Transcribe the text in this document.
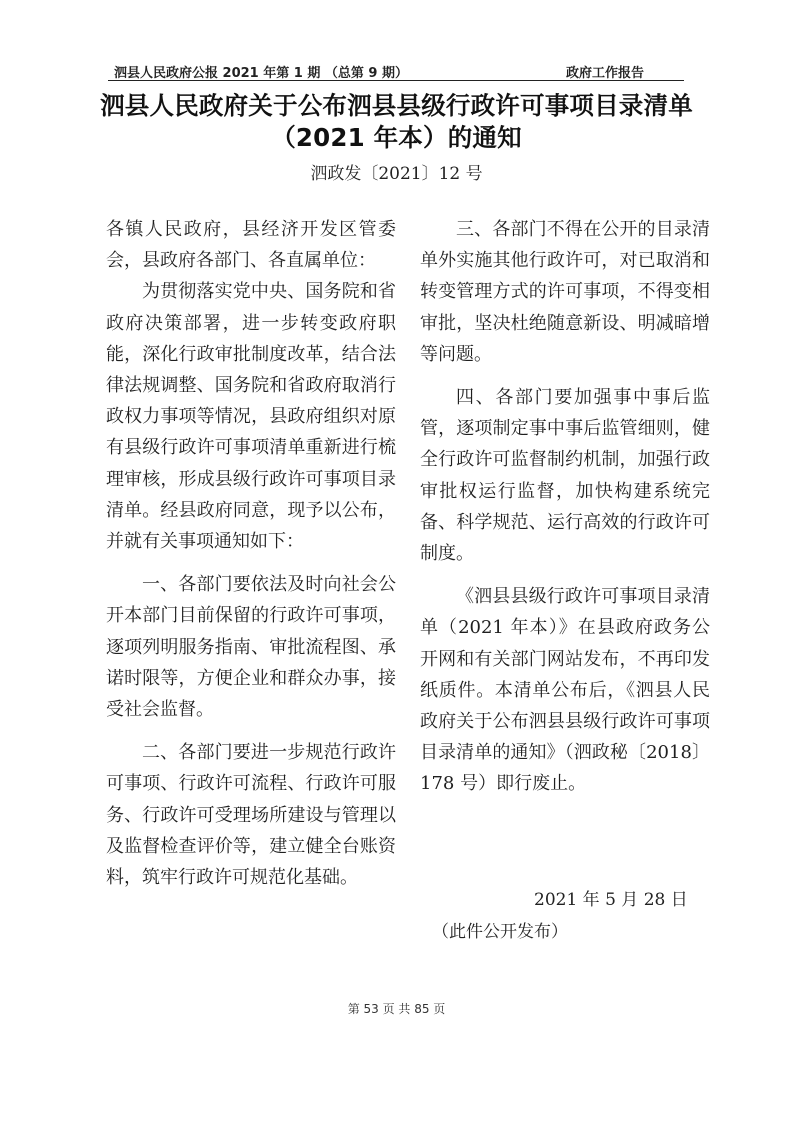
泗县人民政府公报 2021 年第 1 期 （总第 9 期）	政府工作报告
泗县人民政府关于公布泗县县级行政许可事项目录清单
（2021 年本）的通知
泗政发〔2021〕12 号

各镇人民政府，县经济开发区管委会，县政府各部门、各直属单位：

为贯彻落实党中央、国务院和省政府决策部署，进一步转变政府职能，深化行政审批制度改革，结合法律法规调整、国务院和省政府取消行政权力事项等情况，县政府组织对原有县级行政许可事项清单重新进行梳理审核，形成县级行政许可事项目录清单。经县政府同意，现予以公布，并就有关事项通知如下：

一、各部门要依法及时向社会公开本部门目前保留的行政许可事项，逐项列明服务指南、审批流程图、承诺时限等，方便企业和群众办事，接受社会监督。

二、各部门要进一步规范行政许可事项、行政许可流程、行政许可服务、行政许可受理场所建设与管理以及监督检查评价等，建立健全台账资料，筑牢行政许可规范化基础。

三、各部门不得在公开的目录清单外实施其他行政许可，对已取消和转变管理方式的许可事项，不得变相审批，坚决杜绝随意新设、明减暗增等问题。

四、各部门要加强事中事后监管，逐项制定事中事后监管细则，健全行政许可监督制约机制，加强行政审批权运行监督，加快构建系统完备、科学规范、运行高效的行政许可制度。

《泗县县级行政许可事项目录清单（2021 年本）》在县政府政务公开网和有关部门网站发布，不再印发纸质件。本清单公布后，《泗县人民政府关于公布泗县县级行政许可事项目录清单的通知》（泗政秘〔2018〕178 号）即行废止。

2021 年 5 月 28 日
（此件公开发布）
第 53 页 共 85 页
